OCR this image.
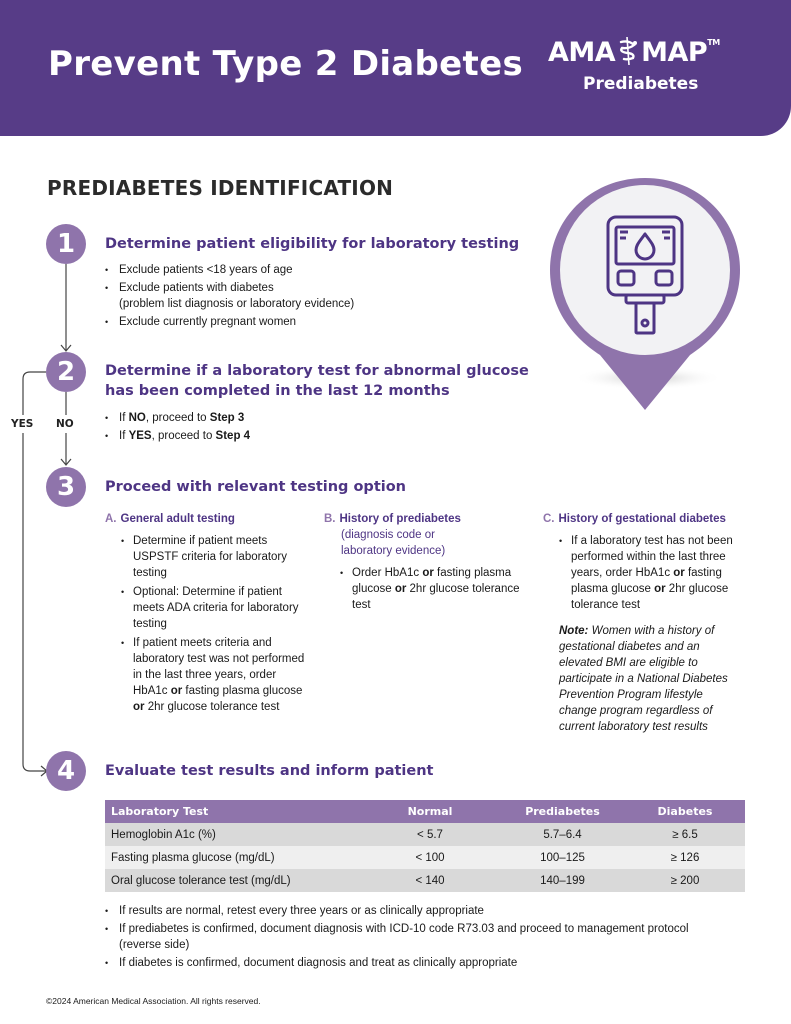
Prevent Type 2 Diabetes AMA MAP™
Prediabetes
PREDIABETES IDENTIFICATION
YES NO
1	Determine patient eligibility for laboratory testing
• Exclude patients <18 years of age
• Exclude patients with diabetes
(problem list diagnosis or laboratory evidence)
• Exclude currently pregnant women
2	Determine if a laboratory test for abnormal glucose
has been completed in the last 12 months
• If NO, proceed to Step 3
• If YES, proceed to Step 4
3	Proceed with relevant testing option
A. General adult testing
• Determine if patient meets USPSTF criteria for laboratory testing
• Optional: Determine if patient meets ADA criteria for laboratory testing
• If patient meets criteria and laboratory test was not performed in the last three years, order HbA1c or fasting plasma glucose or 2hr glucose tolerance test
B. History of prediabetes
(diagnosis code or laboratory evidence)
• Order HbA1c or fasting plasma glucose or 2hr glucose tolerance test
C. History of gestational diabetes
• If a laboratory test has not been performed within the last three years, order HbA1c or fasting plasma glucose or 2hr glucose tolerance test
Note: Women with a history of gestational diabetes and an elevated BMI are eligible to participate in a National Diabetes Prevention Program lifestyle change program regardless of current laboratory test results
4	Evaluate test results and inform patient
Laboratory Test	Normal	Prediabetes	Diabetes
Hemoglobin A1c (%)	< 5.7	5.7–6.4	≥ 6.5
Fasting plasma glucose (mg/dL)	< 100	100–125	≥ 126
Oral glucose tolerance test (mg/dL)	< 140	140–199	≥ 200
• If results are normal, retest every three years or as clinically appropriate
• If prediabetes is confirmed, document diagnosis with ICD-10 code R73.03 and proceed to management protocol (reverse side)
• If diabetes is confirmed, document diagnosis and treat as clinically appropriate
©2024 American Medical Association. All rights reserved.
